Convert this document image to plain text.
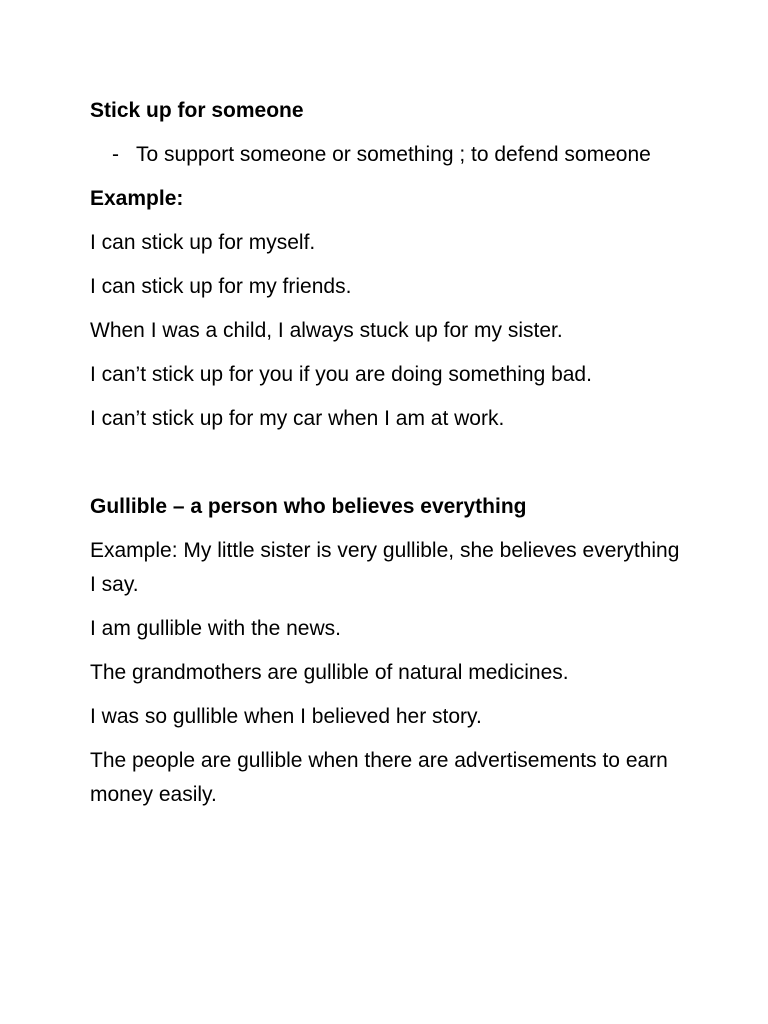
Stick up for someone

- To support someone or something ; to defend someone

Example:

I can stick up for myself.

I can stick up for my friends.

When I was a child, I always stuck up for my sister.

I can’t stick up for you if you are doing something bad.

I can’t stick up for my car when I am at work.

Gullible – a person who believes everything

Example: My little sister is very gullible, she believes everything I say.

I am gullible with the news.

The grandmothers are gullible of natural medicines.

I was so gullible when I believed her story.

The people are gullible when there are advertisements to earn money easily.
